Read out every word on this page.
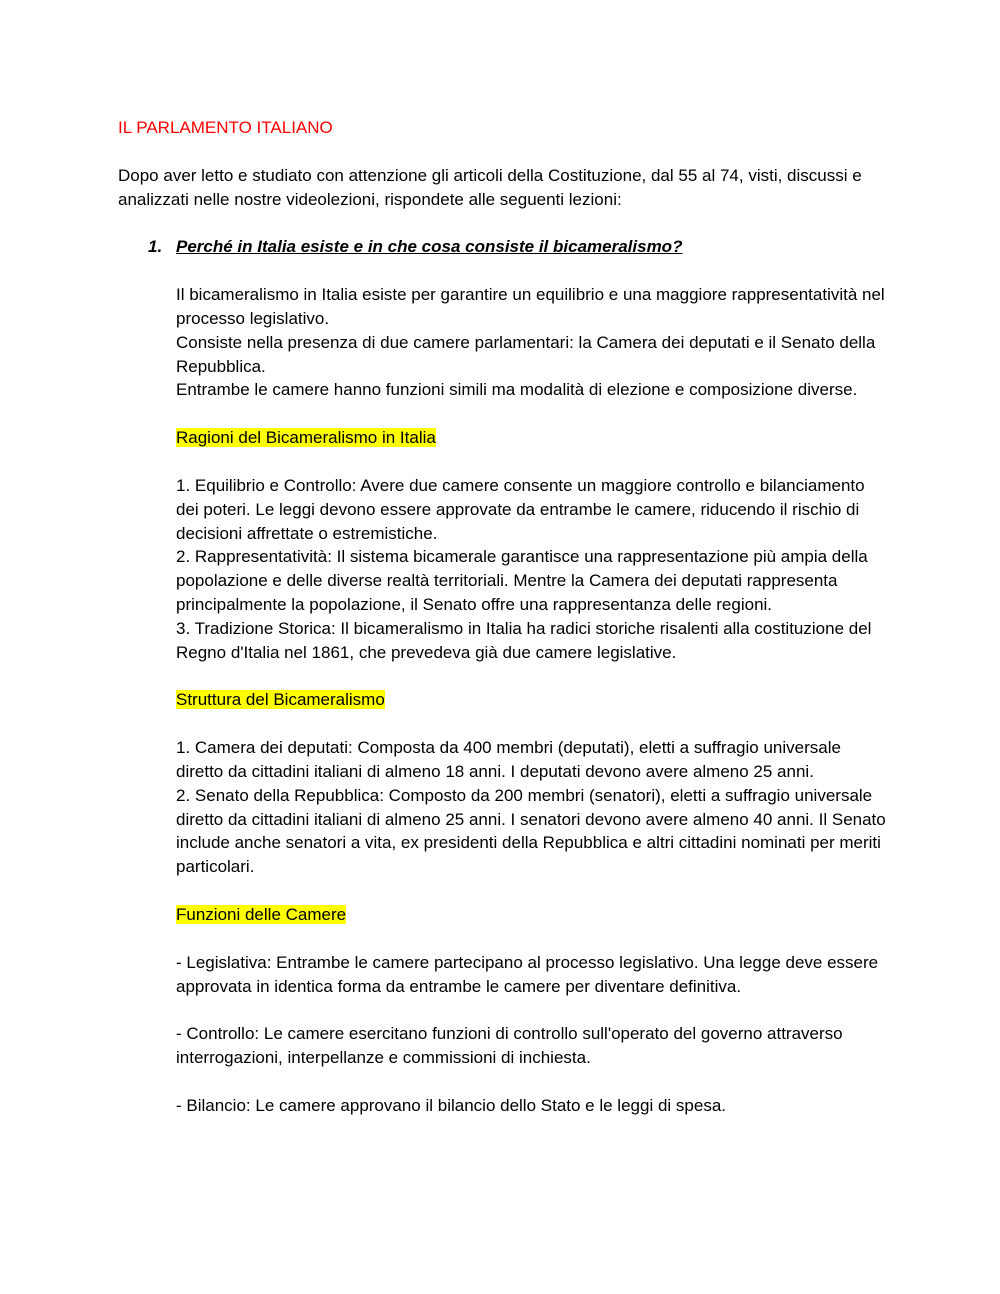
IL PARLAMENTO ITALIANO
Dopo aver letto e studiato con attenzione gli articoli della Costituzione, dal 55 al 74, visti, discussi e analizzati nelle nostre videolezioni, rispondete alle seguenti lezioni:
1. Perché in Italia esiste e in che cosa consiste il bicameralismo?
Il bicameralismo in Italia esiste per garantire un equilibrio e una maggiore rappresentatività nel processo legislativo.
Consiste nella presenza di due camere parlamentari: la Camera dei deputati e il Senato della Repubblica.
Entrambe le camere hanno funzioni simili ma modalità di elezione e composizione diverse.
Ragioni del Bicameralismo in Italia
1. Equilibrio e Controllo: Avere due camere consente un maggiore controllo e bilanciamento dei poteri. Le leggi devono essere approvate da entrambe le camere, riducendo il rischio di decisioni affrettate o estremistiche.
2. Rappresentatività: Il sistema bicamerale garantisce una rappresentazione più ampia della popolazione e delle diverse realtà territoriali. Mentre la Camera dei deputati rappresenta principalmente la popolazione, il Senato offre una rappresentanza delle regioni.
3. Tradizione Storica: Il bicameralismo in Italia ha radici storiche risalenti alla costituzione del Regno d'Italia nel 1861, che prevedeva già due camere legislative.
Struttura del Bicameralismo
1. Camera dei deputati: Composta da 400 membri (deputati), eletti a suffragio universale diretto da cittadini italiani di almeno 18 anni. I deputati devono avere almeno 25 anni.
2. Senato della Repubblica: Composto da 200 membri (senatori), eletti a suffragio universale diretto da cittadini italiani di almeno 25 anni. I senatori devono avere almeno 40 anni. Il Senato include anche senatori a vita, ex presidenti della Repubblica e altri cittadini nominati per meriti particolari.
Funzioni delle Camere
- Legislativa: Entrambe le camere partecipano al processo legislativo. Una legge deve essere approvata in identica forma da entrambe le camere per diventare definitiva.
- Controllo: Le camere esercitano funzioni di controllo sull'operato del governo attraverso interrogazioni, interpellanze e commissioni di inchiesta.
- Bilancio: Le camere approvano il bilancio dello Stato e le leggi di spesa.
